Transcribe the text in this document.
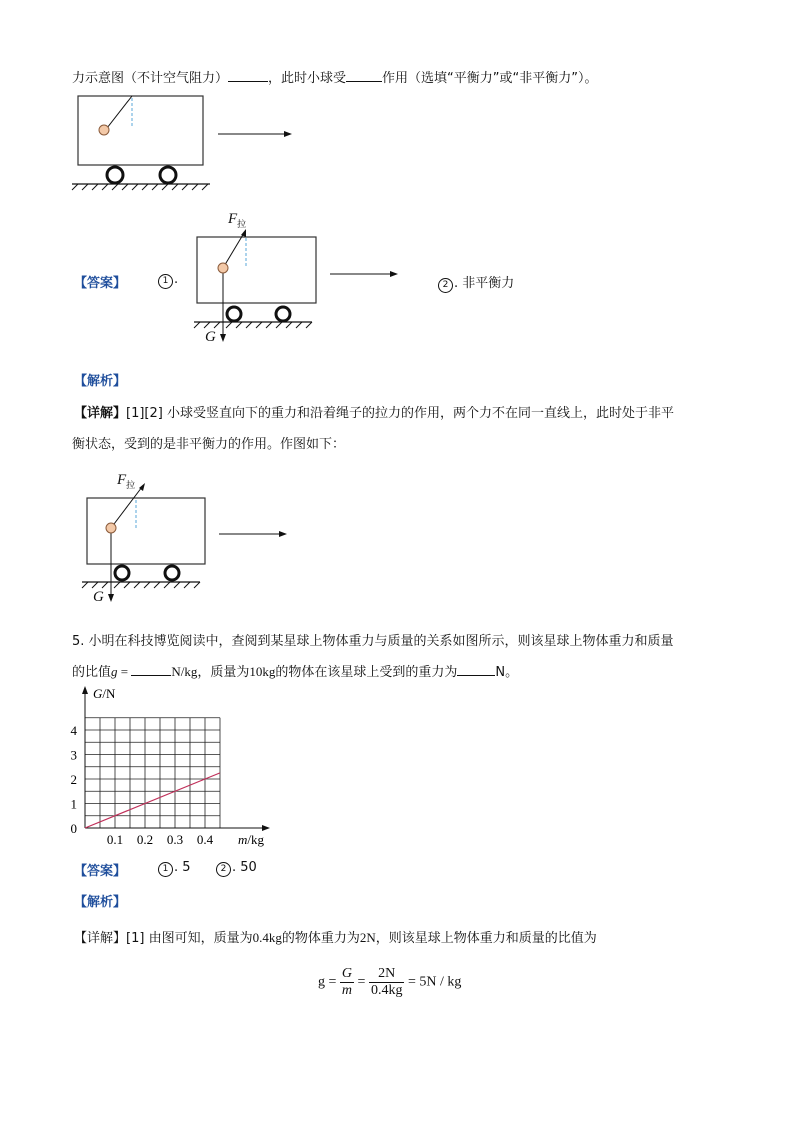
力示意图（不计空气阻力）	，此时小球受	作用（选填“平衡力”或“非平衡力”）。
【答案】	1 .
$F_拉$
G
2 . 非平衡力
【解析】
【详解】[1][2] 小球受竖直向下的重力和沿着绳子的拉力的作用，两个力不在同一直线上，此时处于非平
衡状态，受到的是非平衡力的作用。作图如下：
$F_拉$
G
5. 小明在科技博览阅读中，查阅到某星球上物体重力与质量的关系如图所示，则该星球上物体重力和质量
的比值g =	N/kg，质量为10kg的物体在该星球上受到的重力为	N。
0.1 0.2 0.3 0.4
1
2
3
4
0
G/N
m/kg
【答案】	1 . 5	2 . 50
【解析】
【详解】[1] 由图可知，质量为0.4kg的物体重力为2N，则该星球上物体重力和质量的比值为
$g = \frac{G}{m} = \frac{2N}{0.4kg} = 5N$ / kg
